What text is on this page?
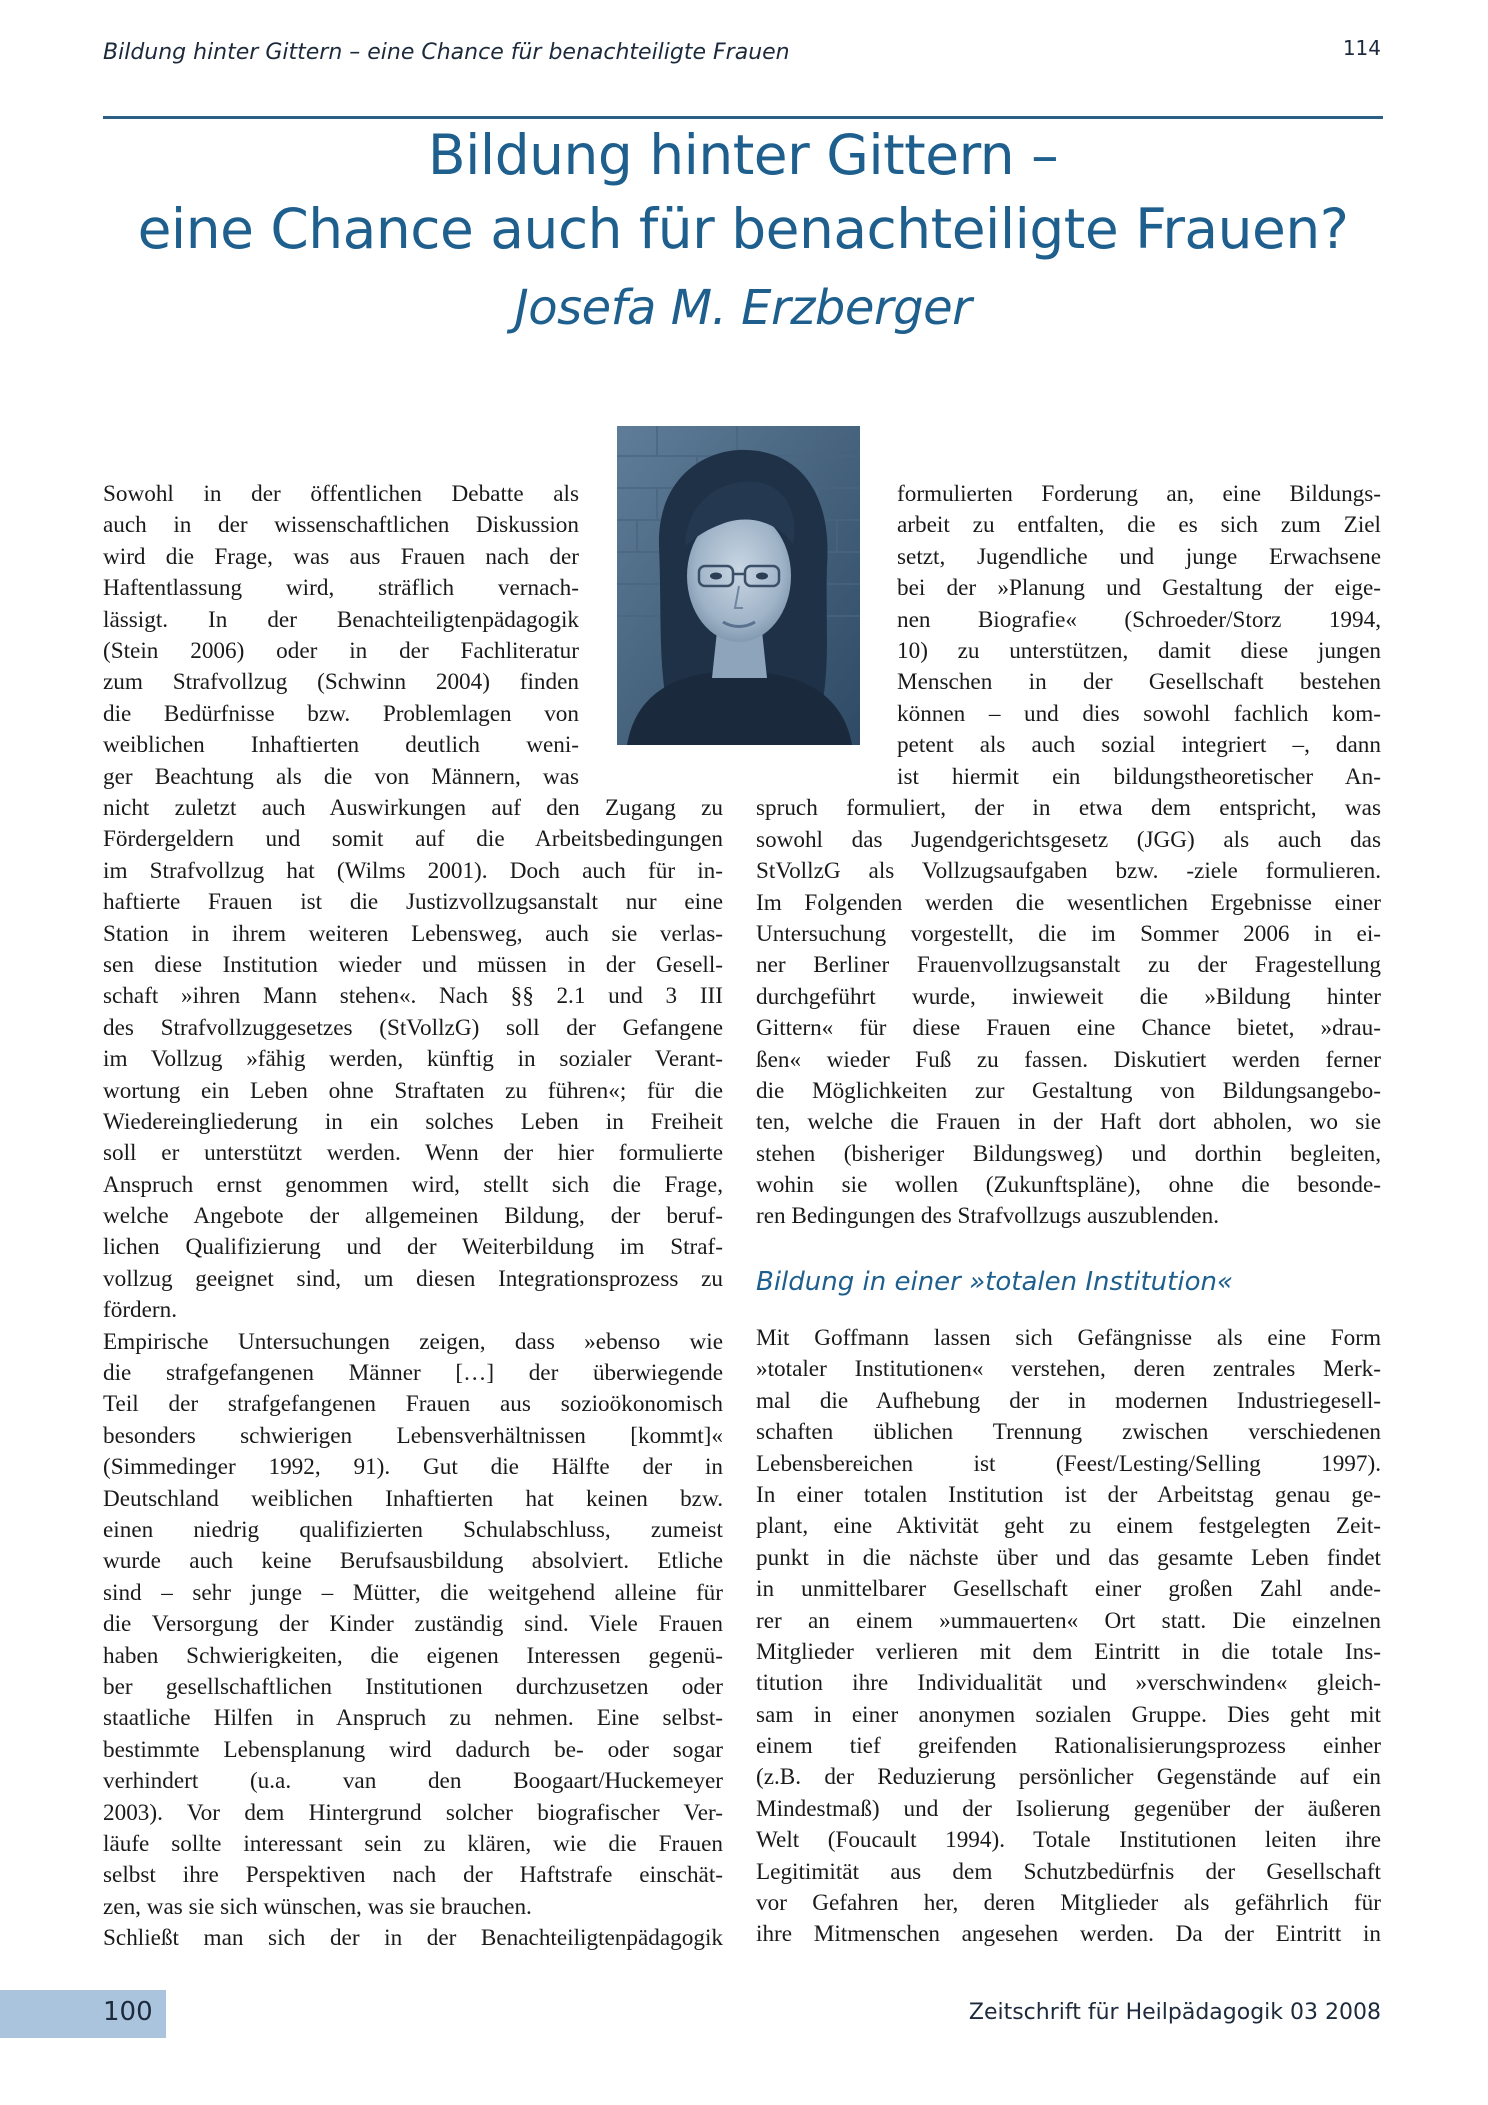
Bildung hinter Gittern – eine Chance für benachteiligte Frauen	114
Bildung hinter Gittern –
eine Chance auch für benachteiligte Frauen?
Josefa M. Erzberger
Sowohl in der öffentlichen Debatte als
auch in der wissenschaftlichen Diskussion
wird die Frage, was aus Frauen nach der
Haftentlassung wird, sträflich vernach-
lässigt. In der Benachteiligtenpädagogik
(Stein 2006) oder in der Fachliteratur
zum Strafvollzug (Schwinn 2004) finden
die Bedürfnisse bzw. Problemlagen von
weiblichen Inhaftierten deutlich weni-
ger Beachtung als die von Männern, was
nicht zuletzt auch Auswirkungen auf den Zugang zu
Fördergeldern und somit auf die Arbeitsbedingungen
im Strafvollzug hat (Wilms 2001). Doch auch für in-
haftierte Frauen ist die Justizvollzugsanstalt nur eine
Station in ihrem weiteren Lebensweg, auch sie verlas-
sen diese Institution wieder und müssen in der Gesell-
schaft »ihren Mann stehen«. Nach §§ 2.1 und 3 III
des Strafvollzuggesetzes (StVollzG) soll der Gefangene
im Vollzug »fähig werden, künftig in sozialer Verant-
wortung ein Leben ohne Straftaten zu führen«; für die
Wiedereingliederung in ein solches Leben in Freiheit
soll er unterstützt werden. Wenn der hier formulierte
Anspruch ernst genommen wird, stellt sich die Frage,
welche Angebote der allgemeinen Bildung, der beruf-
lichen Qualifizierung und der Weiterbildung im Straf-
vollzug geeignet sind, um diesen Integrationsprozess zu
fördern.
Empirische Untersuchungen zeigen, dass »ebenso wie
die strafgefangenen Männer […] der überwiegende
Teil der strafgefangenen Frauen aus sozioökonomisch
besonders schwierigen Lebensverhältnissen [kommt]«
(Simmedinger 1992, 91). Gut die Hälfte der in
Deutschland weiblichen Inhaftierten hat keinen bzw.
einen niedrig qualifizierten Schulabschluss, zumeist
wurde auch keine Berufsausbildung absolviert. Etliche
sind – sehr junge – Mütter, die weitgehend alleine für
die Versorgung der Kinder zuständig sind. Viele Frauen
haben Schwierigkeiten, die eigenen Interessen gegenü-
ber gesellschaftlichen Institutionen durchzusetzen oder
staatliche Hilfen in Anspruch zu nehmen. Eine selbst-
bestimmte Lebensplanung wird dadurch be- oder sogar
verhindert (u.a. van den Boogaart/Huckemeyer
2003). Vor dem Hintergrund solcher biografischer Ver-
läufe sollte interessant sein zu klären, wie die Frauen
selbst ihre Perspektiven nach der Haftstrafe einschät-
zen, was sie sich wünschen, was sie brauchen.
Schließt man sich der in der Benachteiligtenpädagogik
formulierten Forderung an, eine Bildungs-
arbeit zu entfalten, die es sich zum Ziel
setzt, Jugendliche und junge Erwachsene
bei der »Planung und Gestaltung der eige-
nen Biografie« (Schroeder/Storz 1994,
10) zu unterstützen, damit diese jungen
Menschen in der Gesellschaft bestehen
können – und dies sowohl fachlich kom-
petent als auch sozial integriert –, dann
ist hiermit ein bildungstheoretischer An-
spruch formuliert, der in etwa dem entspricht, was
sowohl das Jugendgerichtsgesetz (JGG) als auch das
StVollzG als Vollzugsaufgaben bzw. -ziele formulieren.
Im Folgenden werden die wesentlichen Ergebnisse einer
Untersuchung vorgestellt, die im Sommer 2006 in ei-
ner Berliner Frauenvollzugsanstalt zu der Fragestellung
durchgeführt wurde, inwieweit die »Bildung hinter
Gittern« für diese Frauen eine Chance bietet, »drau-
ßen« wieder Fuß zu fassen. Diskutiert werden ferner
die Möglichkeiten zur Gestaltung von Bildungsangebo-
ten, welche die Frauen in der Haft dort abholen, wo sie
stehen (bisheriger Bildungsweg) und dorthin begleiten,
wohin sie wollen (Zukunftspläne), ohne die besonde-
ren Bedingungen des Strafvollzugs auszublenden.
Bildung in einer »totalen Institution«
Mit Goffmann lassen sich Gefängnisse als eine Form
»totaler Institutionen« verstehen, deren zentrales Merk-
mal die Aufhebung der in modernen Industriegesell-
schaften üblichen Trennung zwischen verschiedenen
Lebensbereichen ist (Feest/Lesting/Selling 1997).
In einer totalen Institution ist der Arbeitstag genau ge-
plant, eine Aktivität geht zu einem festgelegten Zeit-
punkt in die nächste über und das gesamte Leben findet
in unmittelbarer Gesellschaft einer großen Zahl ande-
rer an einem »ummauerten« Ort statt. Die einzelnen
Mitglieder verlieren mit dem Eintritt in die totale Ins-
titution ihre Individualität und »verschwinden« gleich-
sam in einer anonymen sozialen Gruppe. Dies geht mit
einem tief greifenden Rationalisierungsprozess einher
(z.B. der Reduzierung persönlicher Gegenstände auf ein
Mindestmaß) und der Isolierung gegenüber der äußeren
Welt (Foucault 1994). Totale Institutionen leiten ihre
Legitimität aus dem Schutzbedürfnis der Gesellschaft
vor Gefahren her, deren Mitglieder als gefährlich für
ihre Mitmenschen angesehen werden. Da der Eintritt in
100	Zeitschrift für Heilpädagogik 03 2008
